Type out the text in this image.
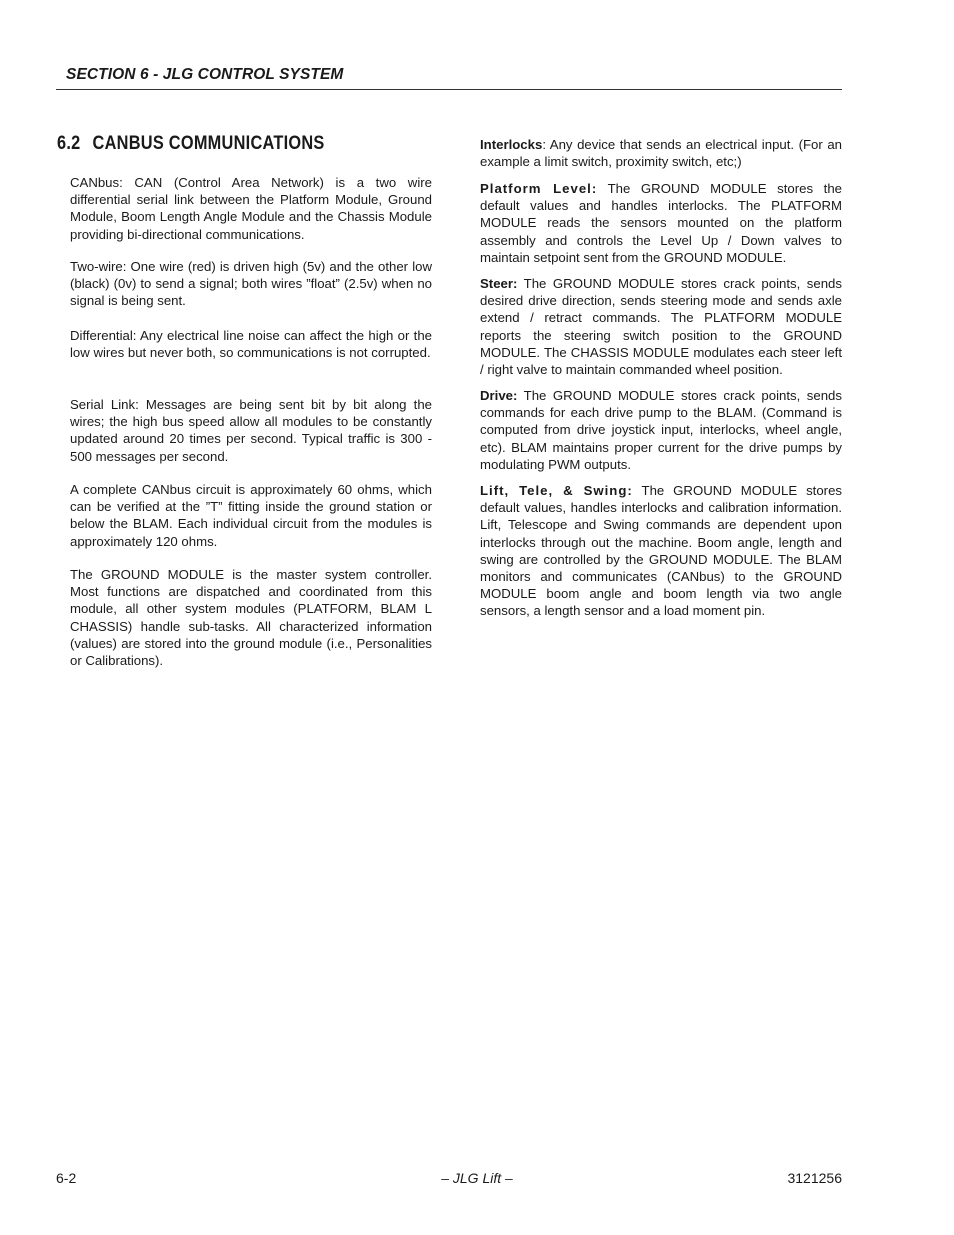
SECTION 6 - JLG CONTROL SYSTEM
6.2 CANBUS COMMUNICATIONS

CANbus: CAN (Control Area Network) is a two wire differential serial link between the Platform Module, Ground Module, Boom Length Angle Module and the Chassis Module providing bi-directional communications.

Two-wire: One wire (red) is driven high (5v) and the other low (black) (0v) to send a signal; both wires ”float” (2.5v) when no signal is being sent.

Differential: Any electrical line noise can affect the high or the low wires but never both, so communications is not corrupted.

Serial Link: Messages are being sent bit by bit along the wires; the high bus speed allow all modules to be constantly updated around 20 times per second. Typical traffic is 300 - 500 messages per second.

A complete CANbus circuit is approximately 60 ohms, which can be verified at the ”T” fitting inside the ground station or below the BLAM. Each individual circuit from the modules is approximately 120 ohms.

The GROUND MODULE is the master system controller. Most functions are dispatched and coordinated from this module, all other system modules (PLATFORM, BLAM L CHASSIS) handle sub-tasks. All characterized information (values) are stored into the ground module (i.e., Personalities or Calibrations).

Interlocks: Any device that sends an electrical input. (For an example a limit switch, proximity switch, etc;)

Platform Level: The GROUND MODULE stores the default values and handles interlocks. The PLATFORM MODULE reads the sensors mounted on the platform assembly and controls the Level Up / Down valves to maintain setpoint sent from the GROUND MODULE.

Steer: The GROUND MODULE stores crack points, sends desired drive direction, sends steering mode and sends axle extend / retract commands. The PLATFORM MODULE reports the steering switch position to the GROUND MODULE. The CHASSIS MODULE modulates each steer left / right valve to maintain commanded wheel position.

Drive: The GROUND MODULE stores crack points, sends commands for each drive pump to the BLAM. (Command is computed from drive joystick input, interlocks, wheel angle, etc). BLAM maintains proper current for the drive pumps by modulating PWM outputs.

Lift, Tele, & Swing: The GROUND MODULE stores default values, handles interlocks and calibration information. Lift, Telescope and Swing commands are dependent upon interlocks through out the machine. Boom angle, length and swing are controlled by the GROUND MODULE. The BLAM monitors and communicates (CANbus) to the GROUND MODULE boom angle and boom length via two angle sensors, a length sensor and a load moment pin.

6-2	– JLG Lift –	3121256
